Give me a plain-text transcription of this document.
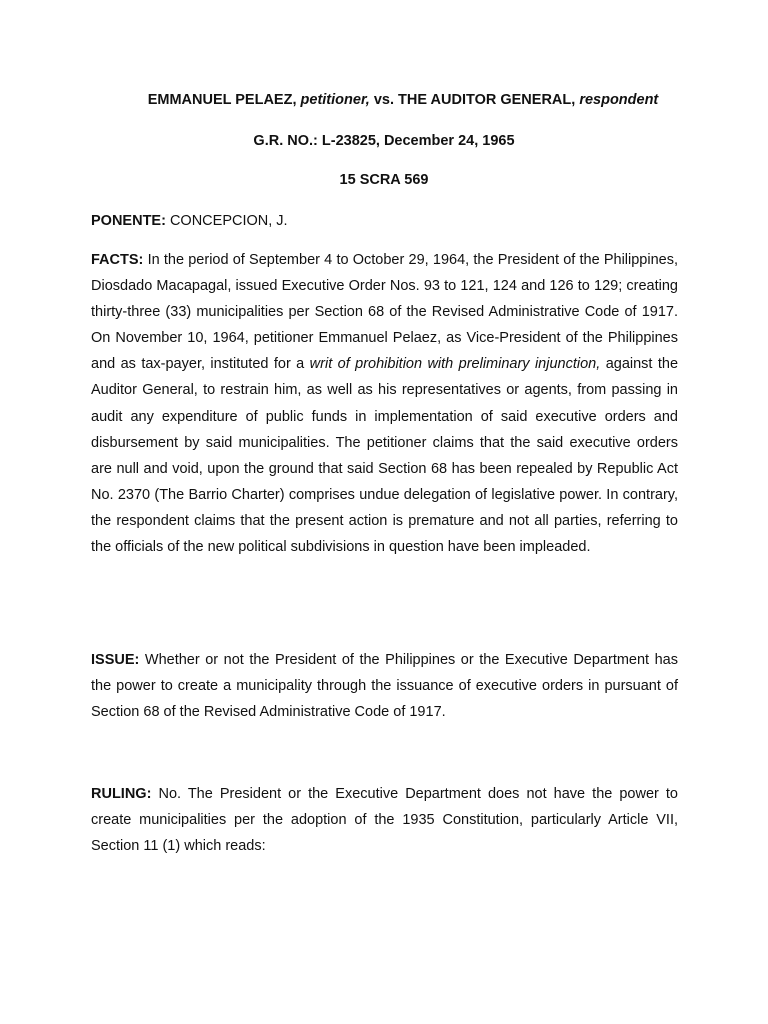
EMMANUEL PELAEZ, petitioner, vs. THE AUDITOR GENERAL, respondent

G.R. NO.: L-23825, December 24, 1965

15 SCRA 569

PONENTE: CONCEPCION, J.

FACTS: In the period of September 4 to October 29, 1964, the President of the Philippines, Diosdado Macapagal, issued Executive Order Nos. 93 to 121, 124 and 126 to 129; creating thirty-three (33) municipalities per Section 68 of the Revised Administrative Code of 1917. On November 10, 1964, petitioner Emmanuel Pelaez, as Vice-President of the Philippines and as tax-payer, instituted for a writ of prohibition with preliminary injunction, against the Auditor General, to restrain him, as well as his representatives or agents, from passing in audit any expenditure of public funds in implementation of said executive orders and disbursement by said municipalities. The petitioner claims that the said executive orders are null and void, upon the ground that said Section 68 has been repealed by Republic Act No. 2370 (The Barrio Charter) comprises undue delegation of legislative power. In contrary, the respondent claims that the present action is premature and not all parties, referring to the officials of the new political subdivisions in question have been impleaded.

ISSUE: Whether or not the President of the Philippines or the Executive Department has the power to create a municipality through the issuance of executive orders in pursuant of Section 68 of the Revised Administrative Code of 1917.

RULING: No. The President or the Executive Department does not have the power to create municipalities per the adoption of the 1935 Constitution, particularly Article VII, Section 11 (1) which reads:
